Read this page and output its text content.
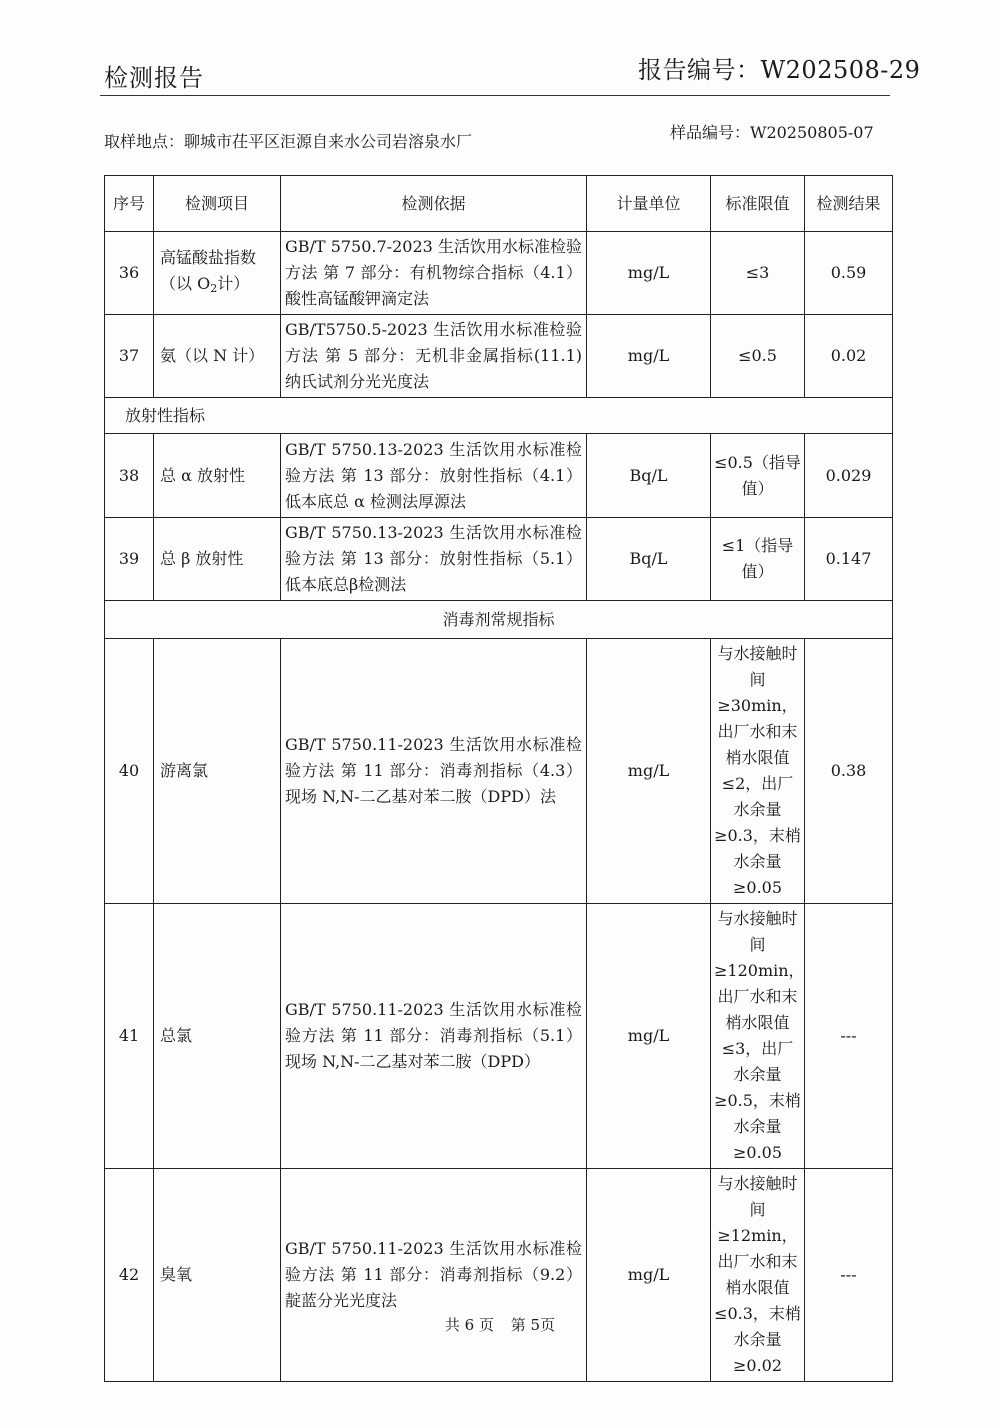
检测报告	报告编号：W202508-29
取样地点：聊城市茌平区洰源自来水公司岩溶泉水厂	样品编号：W20250805-07
序号	检测项目	检测依据	计量单位	标准限值	检测结果
36	高锰酸盐指数（以 $O_2$计）	GB/T 5750.7-2023 生活饮用水标准检验方法 第 7 部分：有机物综合指标（4.1）酸性高锰酸钾滴定法	mg/L	≤3	0.59
37	氨（以 N 计）	GB/T5750.5-2023 生活饮用水标准检验方法 第 5 部分：无机非金属指标(11.1)纳氏试剂分光光度法	mg/L	≤0.5	0.02
放射性指标					
38	总 α 放射性	GB/T 5750.13-2023 生活饮用水标准检验方法 第 13 部分：放射性指标（4.1）低本底总 α 检测法厚源法	Bq/L	≤0.5（指导值）	0.029
39	总 β 放射性	GB/T 5750.13-2023 生活饮用水标准检验方法 第 13 部分：放射性指标（5.1）低本底总β检测法	Bq/L	≤1（指导值）	0.147
消毒剂常规指标					
40	游离氯	GB/T 5750.11-2023 生活饮用水标准检验方法 第 11 部分：消毒剂指标（4.3）现场 N,N-二乙基对苯二胺（DPD）法	mg/L	与水接触时间≥30min，出厂水和末梢水限值≤2，出厂水余量≥0.3，末梢水余量≥0.05	0.38
41	总氯	GB/T 5750.11-2023 生活饮用水标准检验方法 第 11 部分：消毒剂指标（5.1）现场 N,N-二乙基对苯二胺（DPD）	mg/L	与水接触时间≥120min，出厂水和末梢水限值≤3，出厂水余量≥0.5，末梢水余量≥0.05	---
42	臭氧	GB/T 5750.11-2023 生活饮用水标准检验方法 第 11 部分：消毒剂指标（9.2）靛蓝分光光度法	mg/L	与水接触时间≥12min，出厂水和末梢水限值≤0.3，末梢水余量≥0.02	---
共 6 页 第 5页
